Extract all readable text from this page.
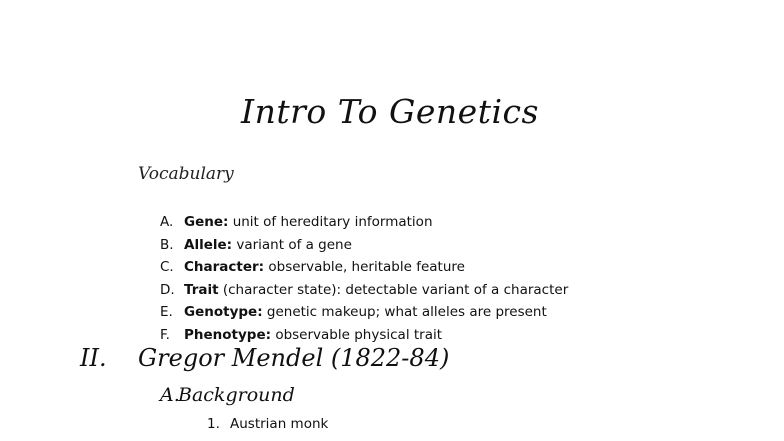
Intro To Genetics
Vocabulary
A. Gene: unit of hereditary information
B. Allele: variant of a gene
C. Character: observable, heritable feature
D. Trait (character state): detectable variant of a character
E. Genotype: genetic makeup; what alleles are present
F. Phenotype: observable physical trait
II. Gregor Mendel (1822-84)
A.Background
1. Austrian monk
